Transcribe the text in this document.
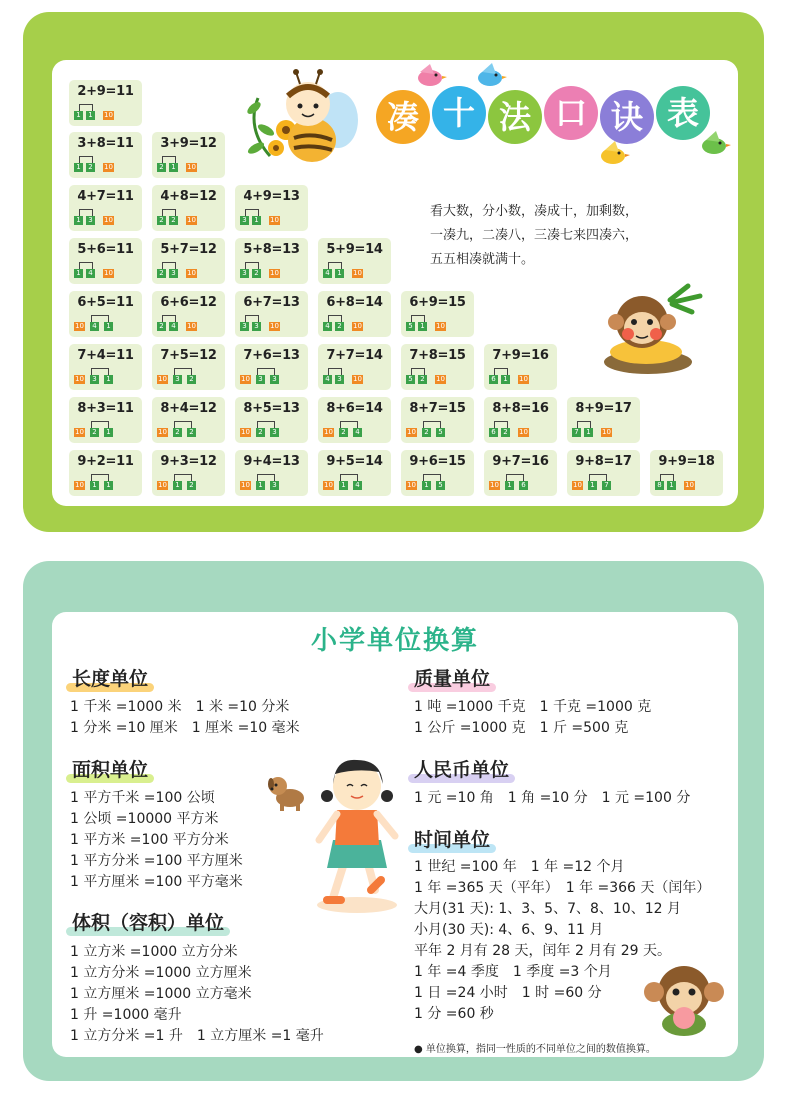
2+9=11
1	1	10
3+8=11
1	2	10
3+9=12
2	1	10
4+7=11
1	3	10
4+8=12
2	2	10
4+9=13
3	1	10
5+6=11
1	4	10
5+7=12
2	3	10
5+8=13
3	2	10
5+9=14
4	1	10
6+5=11
10	4	1
6+6=12
2	4	10
6+7=13
3	3	10
6+8=14
4	2	10
6+9=15
5	1	10
7+4=11
10	3	1
7+5=12
10	3	2
7+6=13
10	3	3
7+7=14
4	3	10
7+8=15
5	2	10
7+9=16
6	1	10
8+3=11
10	2	1
8+4=12
10	2	2
8+5=13
10	2	3
8+6=14
10	2	4
8+7=15
10	2	5
8+8=16
6	2	10
8+9=17
7	1	10
9+2=11
10	1	1
9+3=12
10	1	2
9+4=13
10	1	3
9+5=14
10	1	4
9+6=15
10	1	5
9+7=16
10	1	6
9+8=17
10	1	7
9+9=18
8	1	10
凑 十 法 口 诀 表
看大数，分小数，凑成十，加剩数，
一凑九，二凑八，三凑七来四凑六，
五五相凑就满十。
小学单位换算
长度单位
面积单位
体积（容积）单位
质量单位
人民币单位
时间单位
1 千米 =1000 米　1 米 =10 分米
1 分米 =10 厘米　1 厘米 =10 毫米
1 平方千米 =100 公顷
1 公顷 =10000 平方米
1 平方米 =100 平方分米
1 平方分米 =100 平方厘米
1 平方厘米 =100 平方毫米
1 立方米 =1000 立方分米
1 立方分米 =1000 立方厘米
1 立方厘米 =1000 立方毫米
1 升 =1000 毫升
1 立方分米 =1 升　1 立方厘米 =1 毫升
1 吨 =1000 千克　1 千克 =1000 克
1 公斤 =1000 克　1 斤 =500 克
1 元 =10 角　1 角 =10 分　1 元 =100 分
1 世纪 =100 年　1 年 =12 个月
1 年 =365 天（平年）　1 年 =366 天（闰年）
大月(31 天): 1、3、5、7、8、10、12 月
小月(30 天): 4、6、9、11 月
平年 2 月有 28 天，闰年 2 月有 29 天。
1 年 =4 季度　1 季度 =3 个月
1 日 =24 小时　1 时 =60 分
1 分 =60 秒
● 单位换算，指同一性质的不同单位之间的数值换算。
